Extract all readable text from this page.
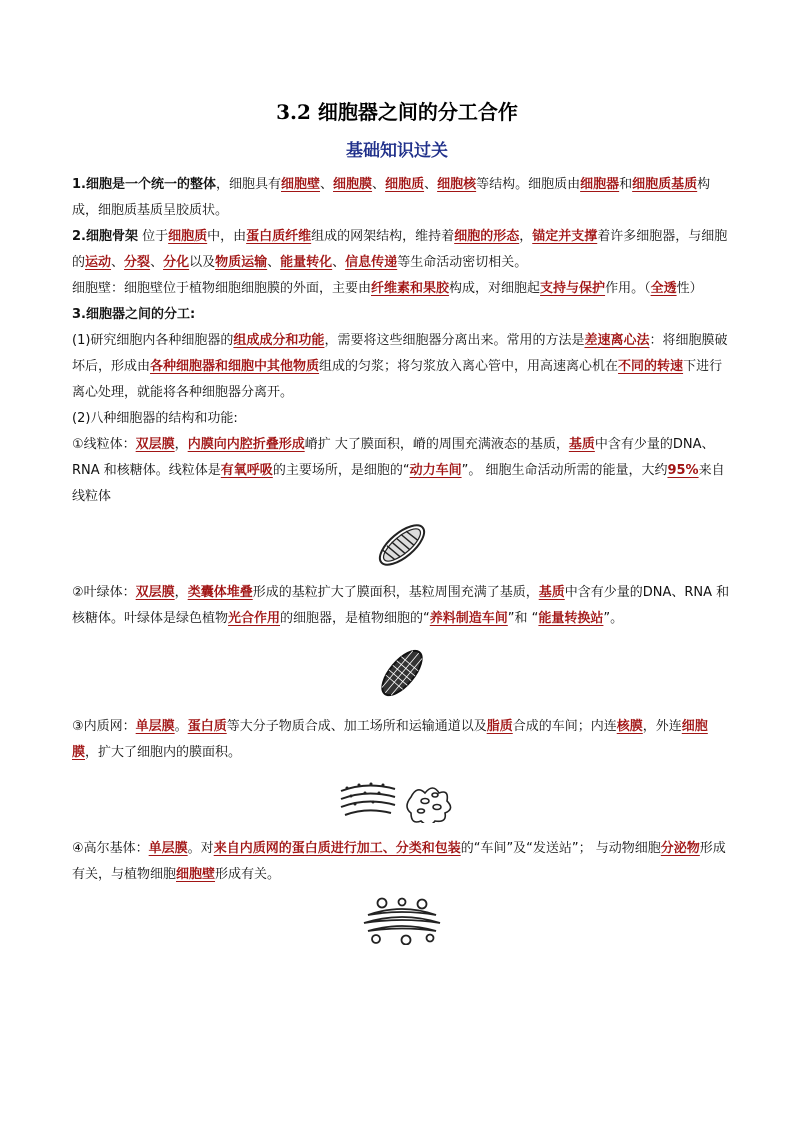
3.2 细胞器之间的分工合作
基础知识过关

1.细胞是一个统一的整体，细胞具有细胞壁、细胞膜、细胞质、细胞核等结构。细胞质由细胞器和细胞质基质构成，细胞质基质呈胶质状。

2.细胞骨架 位于细胞质中，由蛋白质纤维组成的网架结构，维持着细胞的形态，锚定并支撑着许多细胞器，与细胞的运动、分裂、分化以及物质运输、能量转化、信息传递等生命活动密切相关。

细胞壁：细胞壁位于植物细胞细胞膜的外面，主要由纤维素和果胶构成，对细胞起支持与保护作用。（全透性）

3.细胞器之间的分工:

(1)研究细胞内各种细胞器的组成成分和功能，需要将这些细胞器分离出来。常用的方法是差速离心法：将细胞膜破坏后，形成由各种细胞器和细胞中其他物质组成的匀浆；将匀浆放入离心管中，用高速离心机在不同的转速下进行离心处理，就能将各种细胞器分离开。

(2)八种细胞器的结构和功能:

①线粒体：双层膜，内膜向内腔折叠形成嵴扩 大了膜面积，嵴的周围充满液态的基质，基质中含有少量的DNA、RNA 和核糖体。线粒体是有氧呼吸的主要场所，是细胞的“动力车间”。 细胞生命活动所需的能量，大约95%来自线粒体

②叶绿体：双层膜，类囊体堆叠形成的基粒扩大了膜面积，基粒周围充满了基质，基质中含有少量的DNA、RNA 和核糖体。叶绿体是绿色植物光合作用的细胞器，是植物细胞的“养料制造车间”和 “能量转换站”。

③内质网：单层膜。蛋白质等大分子物质合成、加工场所和运输通道以及脂质合成的车间；内连核膜，外连细胞膜，扩大了细胞内的膜面积。

④高尔基体：单层膜。对来自内质网的蛋白质进行加工、分类和包装的“车间”及“发送站”； 与动物细胞分泌物形成有关，与植物细胞细胞壁形成有关。
